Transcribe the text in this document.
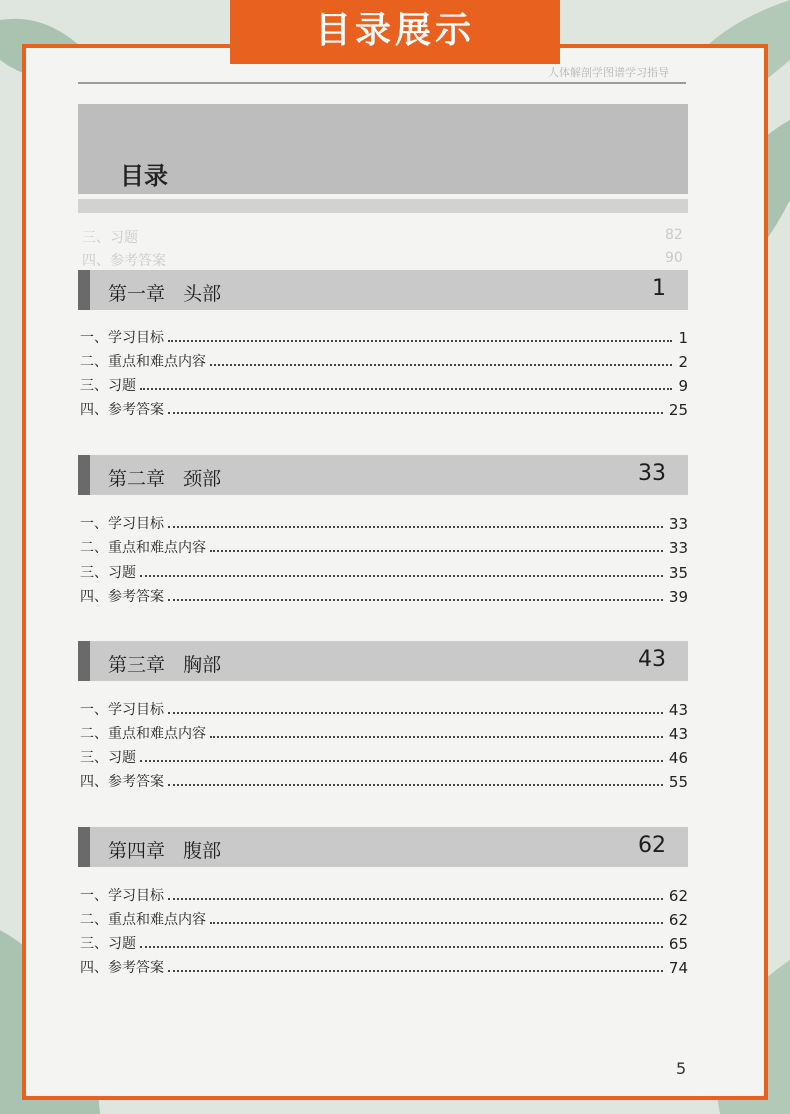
目录展示
人体解剖学图谱学习指导
目录
三、习题	82
四、参考答案	90
第一章   头部	1
一、学习目标	1
二、重点和难点内容	2
三、习题	9
四、参考答案	25
第二章   颈部	33
一、学习目标	33
二、重点和难点内容	33
三、习题	35
四、参考答案	39
第三章   胸部	43
一、学习目标	43
二、重点和难点内容	43
三、习题	46
四、参考答案	55
第四章   腹部	62
一、学习目标	62
二、重点和难点内容	62
三、习题	65
四、参考答案	74
5
